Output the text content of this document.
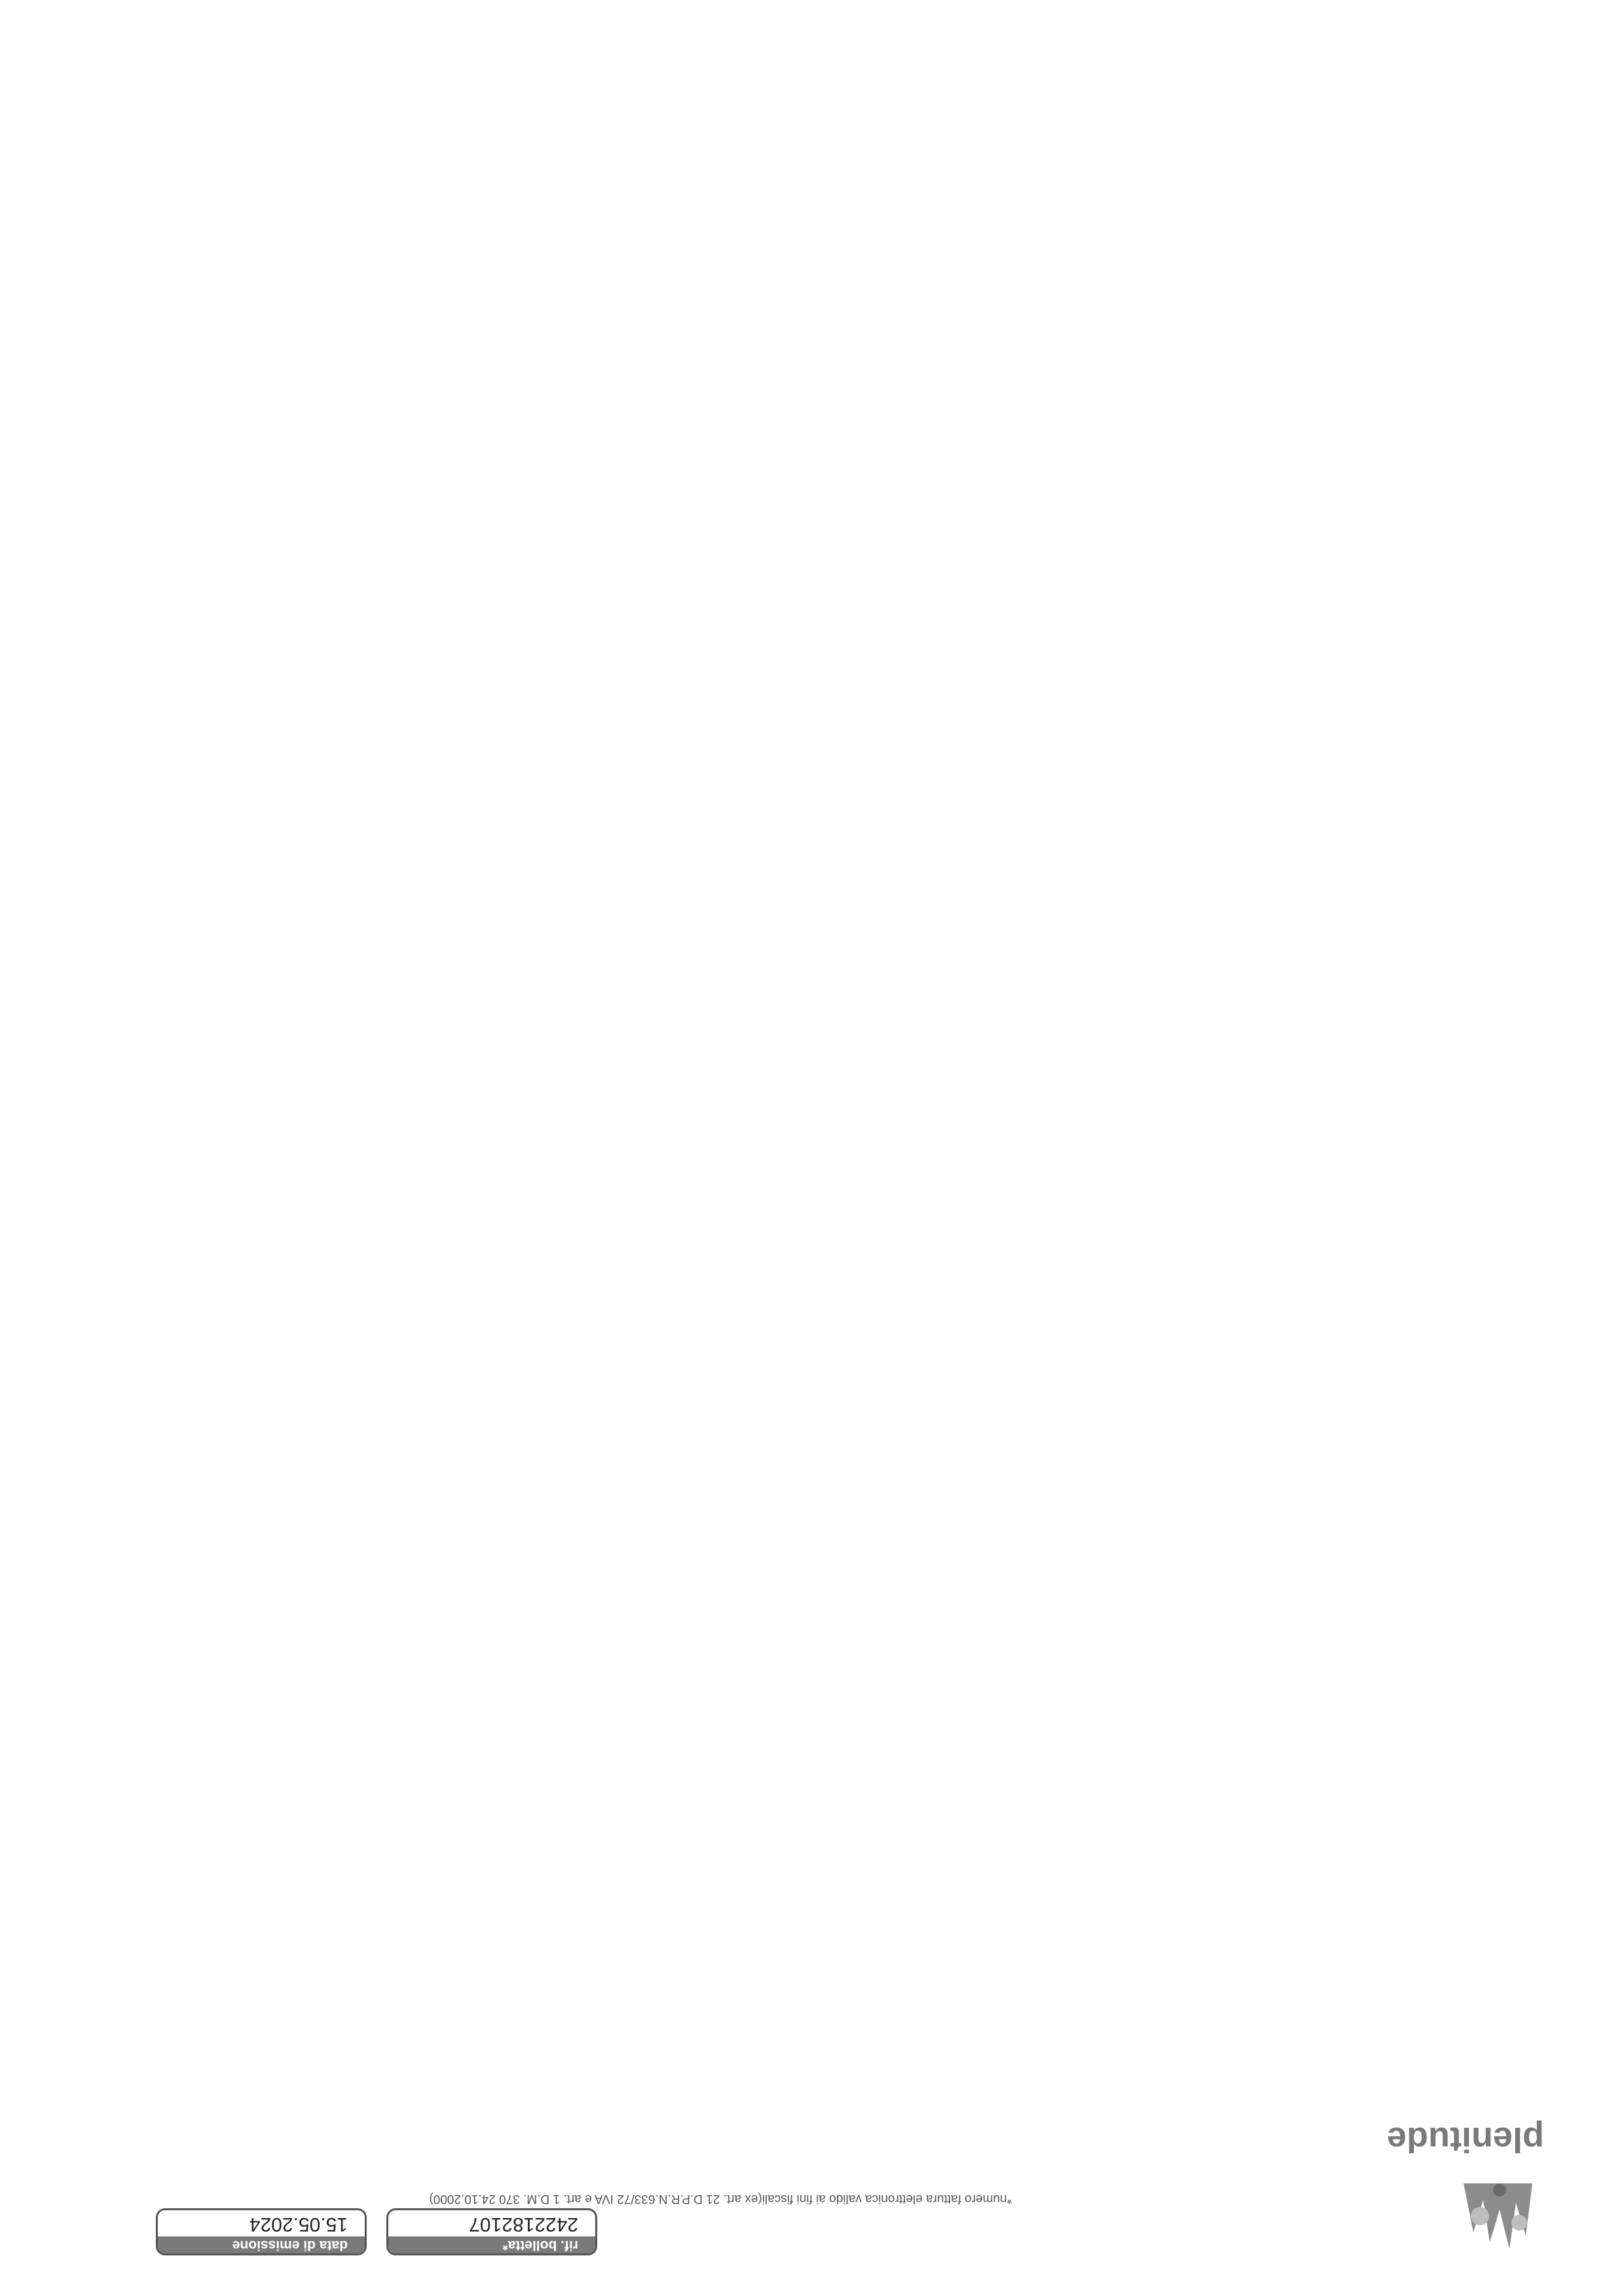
plenitude
rif. bolletta*
2422182107
data di emissione
15.05.2024
*numero fattura elettronica valido ai fini fiscali(ex art. 21 D.P.R.N.633/72 IVA e art. 1 D.M. 370 24.10.2000)
